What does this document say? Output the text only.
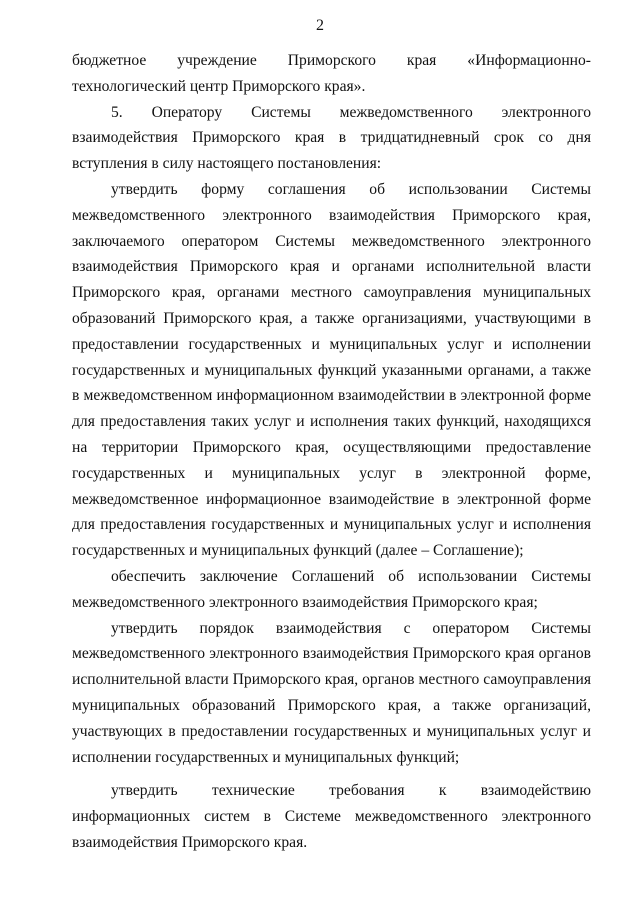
2

бюджетное учреждение Приморского края «Информационно-технологический центр Приморского края».

5. Оператору Системы межведомственного электронного взаимодействия Приморского края в тридцатидневный срок со дня вступления в силу настоящего постановления:

утвердить форму соглашения об использовании Системы межведомственного электронного взаимодействия Приморского края, заключаемого оператором Системы межведомственного электронного взаимодействия Приморского края и органами исполнительной власти Приморского края, органами местного самоуправления муниципальных образований Приморского края, а также организациями, участвующими в предоставлении государственных и муниципальных услуг и исполнении государственных и муниципальных функций указанными органами, а также в межведомственном информационном взаимодействии в электронной форме для предоставления таких услуг и исполнения таких функций, находящихся на территории Приморского края, осуществляющими предоставление государственных и муниципальных услуг в электронной форме, межведомственное информационное взаимодействие в электронной форме для предоставления государственных и муниципальных услуг и исполнения государственных и муниципальных функций (далее – Соглашение);

обеспечить заключение Соглашений об использовании Системы межведомственного электронного взаимодействия Приморского края;

утвердить порядок взаимодействия с оператором Системы межведомственного электронного взаимодействия Приморского края органов исполнительной власти Приморского края, органов местного самоуправления муниципальных образований Приморского края, а также организаций, участвующих в предоставлении государственных и муниципальных услуг и исполнении государственных и муниципальных функций;

утвердить технические требования к взаимодействию информационных систем в Системе межведомственного электронного взаимодействия Приморского края.
